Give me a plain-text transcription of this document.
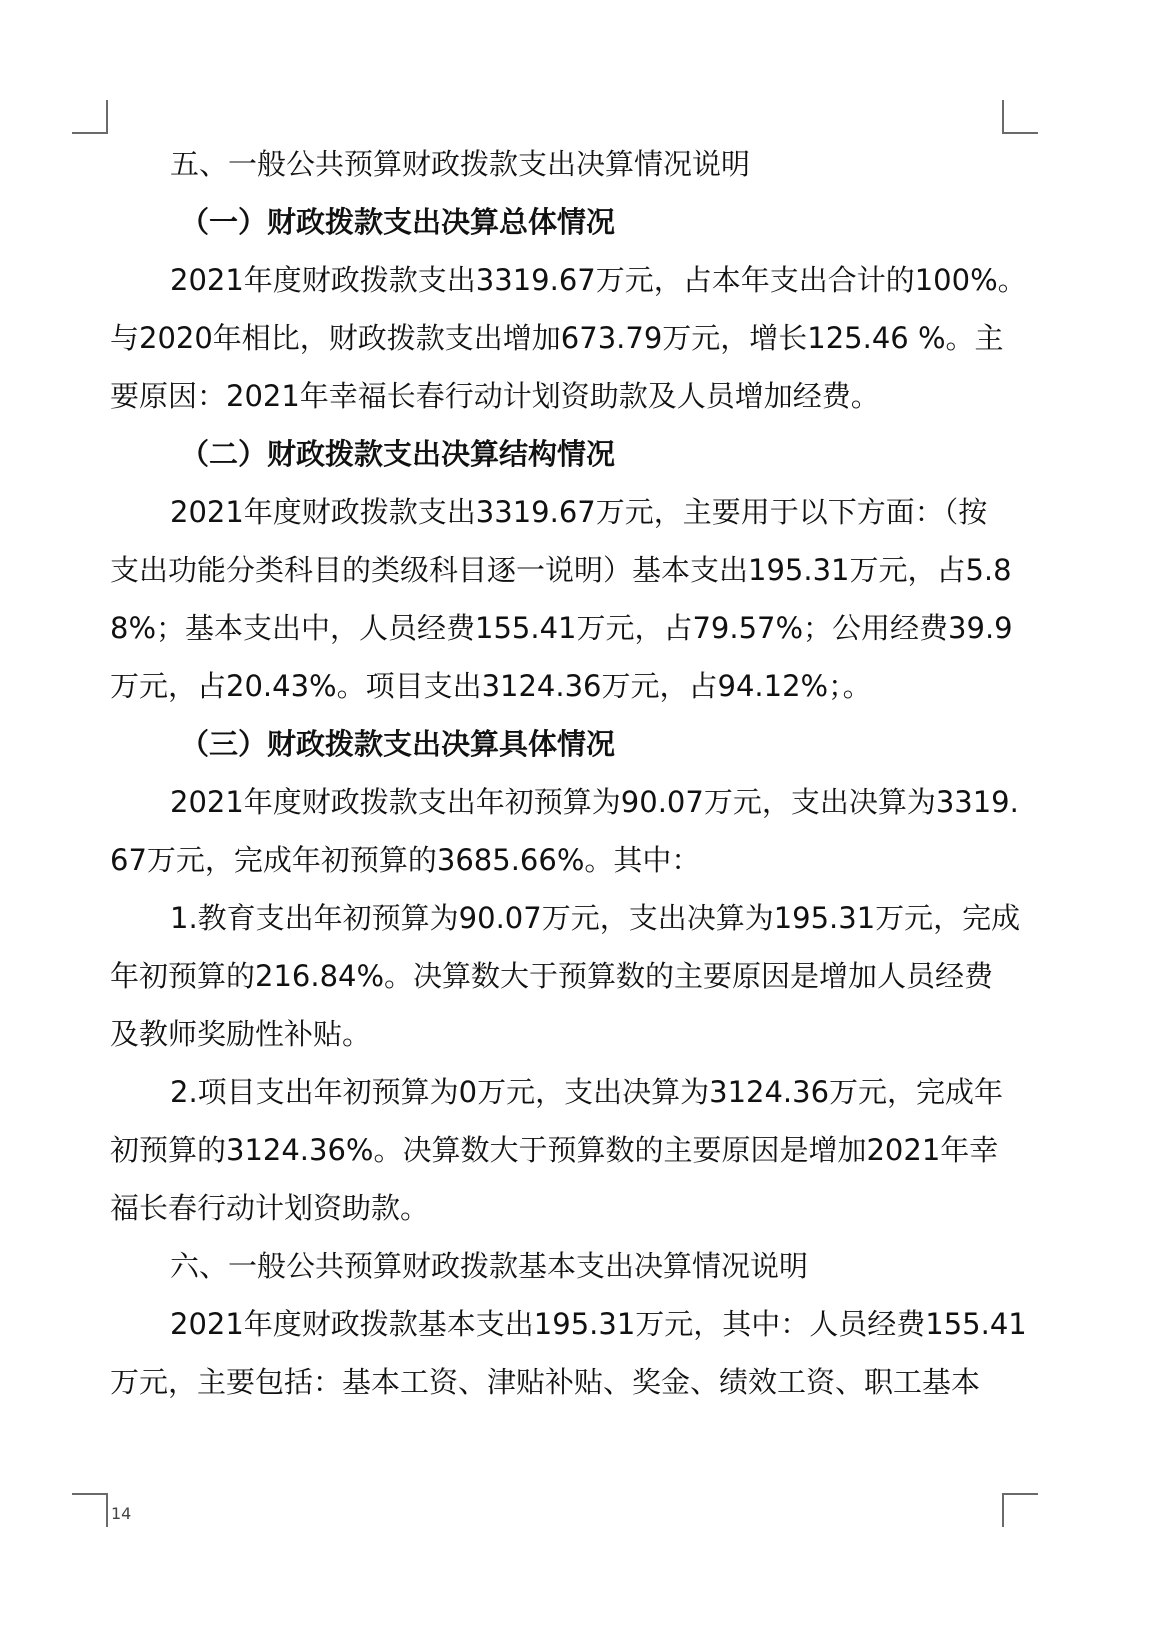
五、一般公共预算财政拨款支出决算情况说明
（一）财政拨款支出决算总体情况
2021年度财政拨款支出3319.67万元，占本年支出合计的100%。
与2020年相比，财政拨款支出增加673.79万元，增长125.46 %。主
要原因：2021年幸福长春行动计划资助款及人员增加经费。
（二）财政拨款支出决算结构情况
2021年度财政拨款支出3319.67万元，主要用于以下方面：（按
支出功能分类科目的类级科目逐一说明）基本支出195.31万元，占5.8
8%；基本支出中，人员经费155.41万元，占79.57%；公用经费39.9
万元，占20.43%。项目支出3124.36万元，占94.12%；。
（三）财政拨款支出决算具体情况
2021年度财政拨款支出年初预算为90.07万元，支出决算为3319.
67万元，完成年初预算的3685.66%。其中：
1.教育支出年初预算为90.07万元，支出决算为195.31万元，完成
年初预算的216.84%。决算数大于预算数的主要原因是增加人员经费
及教师奖励性补贴。
2.项目支出年初预算为0万元，支出决算为3124.36万元，完成年
初预算的3124.36%。决算数大于预算数的主要原因是增加2021年幸
福长春行动计划资助款。
六、一般公共预算财政拨款基本支出决算情况说明
2021年度财政拨款基本支出195.31万元，其中：人员经费155.41
万元，主要包括：基本工资、津贴补贴、奖金、绩效工资、职工基本
14
